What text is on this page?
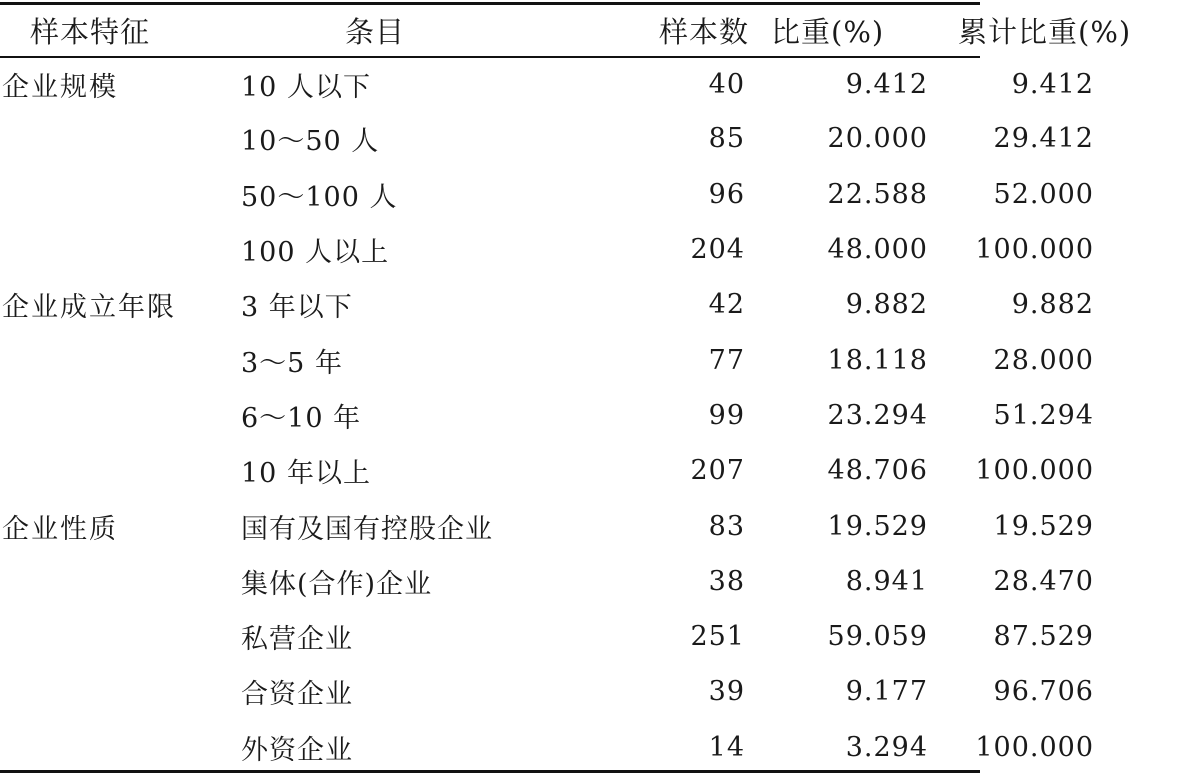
样本特征	条目	样本数	比重(%)	累计比重(%)
企业规模	10 人以下	40	9.412	9.412
	10～50 人	85	20.000	29.412
	50～100 人	96	22.588	52.000
	100 人以上	204	48.000	100.000
企业成立年限	3 年以下	42	9.882	9.882
	3～5 年	77	18.118	28.000
	6～10 年	99	23.294	51.294
	10 年以上	207	48.706	100.000
企业性质	国有及国有控股企业	83	19.529	19.529
	集体(合作)企业	38	8.941	28.470
	私营企业	251	59.059	87.529
	合资企业	39	9.177	96.706
	外资企业	14	3.294	100.000
